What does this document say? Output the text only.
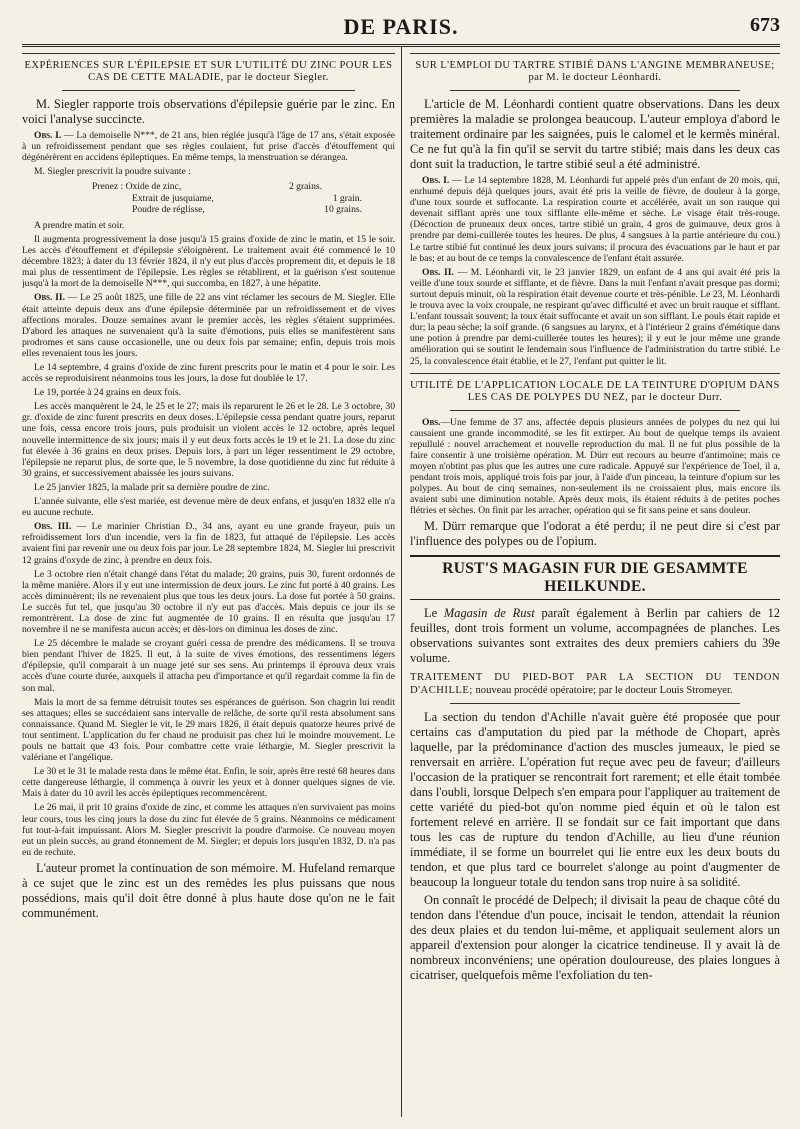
DE PARIS.	673
EXPÉRIENCES SUR L'ÉPILEPSIE ET SUR L'UTILITÉ DU ZINC POUR LES CAS DE CETTE MALADIE, par le docteur Siegler.

M. Siegler rapporte trois observations d'épilepsie guérie par le zinc. En voici l'analyse succincte.

Obs. I. — La demoiselle N***, de 21 ans, bien réglée jusqu'à l'âge de 17 ans, s'était exposée à un refroidissement pendant que ses règles coulaient, fut prise d'accès d'étouffement qui dégénérèrent en accidens épileptiques. En même temps, la menstruation se dérangea.

M. Siegler prescrivit la poudre suivante :

Prenez : Oxide de zinc,	2 grains.
Extrait de jusquiame,	1 grain.
Poudre de réglisse,	10 grains.

A prendre matin et soir.

Il augmenta progressivement la dose jusqu'à 15 grains d'oxide de zinc le matin, et 15 le soir. Les accès d'étouffement et d'épilepsie s'éloignèrent. Le traitement avait été commencé le 10 décembre 1823; à dater du 13 février 1824, il n'y eut plus d'accès proprement dit, et depuis le 18 mai plus de ressentiment de l'épilepsie. Les règles se rétablirent, et la guérison s'est soutenue jusqu'à la mort de la demoiselle N***, qui succomba, en 1827, à une hépatite.

Obs. II. — Le 25 août 1825, une fille de 22 ans vint réclamer les secours de M. Siegler. Elle était atteinte depuis deux ans d'une épilepsie déterminée par un refroidissement et de vives affections morales. Douze semaines avant le premier accès, les règles s'étaient supprimées. D'abord les attaques ne survenaient qu'à la suite d'émotions, puis elles se manifestèrent sans prodromes et sans cause occasionelle, une ou deux fois par semaine; enfin, depuis trois mois elles revenaient tous les jours.

Le 14 septembre, 4 grains d'oxide de zinc furent prescrits pour le matin et 4 pour le soir. Les accès se reproduisirent néanmoins tous les jours, la dose fut doublée le 17.

Le 19, portée à 24 grains en deux fois.

Les accès manquèrent le 24, le 25 et le 27; mais ils reparurent le 26 et le 28. Le 3 octobre, 30 gr. d'oxide de zinc furent prescrits en deux doses. L'épilepsie cessa pendant quatre jours, reparut une fois, cessa encore trois jours, puis produisit un violent accès le 12 octobre, après lequel nouvelle intermittence de six jours; mais il y eut deux forts accès le 19 et le 21. La dose du zinc fut élevée à 36 grains en deux prises. Depuis lors, à part un léger ressentiment le 29 octobre, l'épilepsie ne reparut plus, de sorte que, le 5 novembre, la dose quotidienne du zinc fut réduite à 30 grains, et successivement abaissée les jours suivans.

Le 25 janvier 1825, la malade prit sa dernière poudre de zinc.

L'année suivante, elle s'est mariée, est devenue mère de deux enfans, et jusqu'en 1832 elle n'a eu aucune rechute.

Obs. III. — Le marinier Christian D., 34 ans, ayant eu une grande frayeur, puis un refroidissement lors d'un incendie, vers la fin de 1823, fut attaqué de l'épilepsie. Les accès avaient fini par revenir une ou deux fois par jour. Le 28 septembre 1824, M. Siegler lui prescrivit 12 grains d'oxyde de zinc, à prendre en deux fois.

Le 3 octobre rien n'était changé dans l'état du malade; 20 grains, puis 30, furent ordonnés de la même manière. Alors il y eut une intermission de deux jours. Le zinc fut porté à 40 grains. Les accès diminuèrent; ils ne revenaient plus que tous les deux jours. La dose fut portée à 50 grains. Le succès fut tel, que jusqu'au 30 octobre il n'y eut pas d'accès. Mais depuis ce jour ils se remontrèrent. La dose de zinc fut augmentée de 10 grains. Il en résulta que jusqu'au 17 novembre il ne se manifesta aucun accès; et dès-lors on diminua les doses de zinc.

Le 25 décembre le malade se croyant guéri cessa de prendre des médicamens. Il se trouva bien pendant l'hiver de 1825. Il eut, à la suite de vives émotions, des ressentimens légers d'épilepsie, qu'il comparait à un nuage jeté sur ses sens. Au printemps il éprouva deux vrais accès d'une courte durée, auxquels il attacha peu d'importance et qu'il regardait comme la fin de son mal.

Mais la mort de sa femme détruisit toutes ses espérances de guérison. Son chagrin lui rendit ses attaques; elles se succédaient sans intervalle de relâche, de sorte qu'il resta absolument sans connaissance. Quand M. Siegler le vit, le 29 mars 1826, il était depuis quatorze heures privé de tout sentiment. L'application du fer chaud ne produisit pas chez lui le moindre mouvement. Le pouls ne battait que 43 fois. Pour combattre cette vraie léthargie, M. Siegler prescrivit la valériane et l'angélique.

Le 30 et le 31 le malade resta dans le même état. Enfin, le soir, après être resté 68 heures dans cette dangereuse léthargie, il commença à ouvrir les yeux et à donner quelques signes de vie. Mais à dater du 10 avril les accès épileptiques recommencèrent.

Le 26 mai, il prit 10 grains d'oxide de zinc, et comme les attaques n'en survivaient pas moins leur cours, tous les cinq jours la dose du zinc fut élevée de 5 grains. Néanmoins ce médicament fut tout-à-fait impuissant. Alors M. Siegler prescrivit la poudre d'armoise. Ce nouveau moyen eut un plein succès, au grand étonnement de M. Siegler; et depuis lors jusqu'en 1832, D. n'a pas eu de rechute.

L'auteur promet la continuation de son mémoire. M. Hufeland remarque à ce sujet que le zinc est un des remèdes les plus puissans que nous possédions, mais qu'il doit être donné à plus haute dose qu'on ne le fait communément.

SUR L'EMPLOI DU TARTRE STIBIÉ DANS L'ANGINE MEMBRANEUSE; par M. le docteur Léonhardi.

L'article de M. Léonhardi contient quatre observations. Dans les deux premières la maladie se prolongea beaucoup. L'auteur employa d'abord le traitement ordinaire par les saignées, puis le calomel et le kermès minéral. Ce ne fut qu'à la fin qu'il se servit du tartre stibié; mais dans les deux cas dont suit la traduction, le tartre stibié seul a été administré.

Obs. I. — Le 14 septembre 1828, M. Léonhardi fut appelé près d'un enfant de 20 mois, qui, enrhumé depuis déjà quelques jours, avait été pris la veille de fièvre, de douleur à la gorge, d'une toux sourde et suffocante. La respiration courte et accélérée, avait un son rauque qui devenait sifflant après une toux sifflante elle-même et sèche. Le visage était très-rouge. (Décoction de pruneaux deux onces, tartre stibié un grain, 4 gros de guimauve, deux gros à prendre par demi-cuillerée toutes les heures. De plus, 4 sangsues à la partie antérieure du cou.) Le tartre stibié fut continué les deux jours suivans; il procura des évacuations par le haut et par le bas; et au bout de ce temps la convalescence de l'enfant était assurée.

Obs. II. — M. Léonhardi vit, le 23 janvier 1829, un enfant de 4 ans qui avait été pris la veille d'une toux sourde et sifflante, et de fièvre. Dans la nuit l'enfant n'avait presque pas dormi; surtout depuis minuit, où la respiration était devenue courte et très-pénible. Le 23, M. Léonhardi le trouva avec la voix croupale, ne respirant qu'avec difficulté et avec un bruit rauque et sifflant. L'enfant toussait souvent; la toux était suffocante et avait un son sifflant. Le pouls était rapide et dur; la peau sèche; la soif grande. (6 sangsues au larynx, et à l'intérieur 2 grains d'émétique dans une potion à prendre par demi-cuillerée toutes les heures); il y eut le jour même une grande amélioration qui se soutint le lendemain sous l'influence de l'administration du tartre stibié. Le 25, la convalescence était établie, et le 27, l'enfant put quitter le lit.

UTILITÉ DE L'APPLICATION LOCALE DE LA TEINTURE D'OPIUM DANS LES CAS DE POLYPES DU NEZ, par le docteur Durr.

Obs.—Une femme de 37 ans, affectée depuis plusieurs années de polypes du nez qui lui causaient une grande incommodité, se les fit extirper. Au bout de quelque temps ils avaient repullulé : nouvel arrachement et nouvelle reproduction du mal. Il ne fut plus possible de la faire consentir à une troisième opération. M. Dürr eut recours au beurre d'antimoine; mais ce moyen n'obtint pas plus que les autres une cure radicale. Appuyé sur l'expérience de Toel, il a, pendant trois mois, appliqué trois fois par jour, à l'aide d'un pinceau, la teinture d'opium sur les polypes. Au bout de cinq semaines, non-seulement ils ne croissaient plus, mais encore ils avaient subi une diminution notable. Après deux mois, ils étaient réduits à de petites poches flétries et sèches. On finit par les arracher, opération qui se fit sans peine et sans douleur.

M. Dürr remarque que l'odorat a été perdu; il ne peut dire si c'est par l'influence des polypes ou de l'opium.

RUST'S MAGASIN FUR DIE GESAMMTE HEILKUNDE.

Le Magasin de Rust paraît également à Berlin par cahiers de 12 feuilles, dont trois forment un volume, accompagnées de planches. Les observations suivantes sont extraites des deux premiers cahiers du 39e volume.

TRAITEMENT DU PIED-BOT PAR LA SECTION DU TENDON D'ACHILLE; nouveau procédé opératoire; par le docteur Louis Stromeyer.

La section du tendon d'Achille n'avait guère été proposée que pour certains cas d'amputation du pied par la méthode de Chopart, après laquelle, par la prédominance d'action des muscles jumeaux, le pied se renversait en arrière. L'opération fut reçue avec peu de faveur; d'ailleurs l'occasion de la pratiquer se rencontrait fort rarement; et elle était tombée dans l'oubli, lorsque Delpech s'en empara pour l'appliquer au traitement de cette variété du pied-bot qu'on nomme pied équin et où le talon est fortement relevé en arrière. Il se fondait sur ce fait important que dans tous les cas de rupture du tendon d'Achille, au lieu d'une réunion immédiate, il se forme un bourrelet qui lie entre eux les deux bouts du tendon, et que plus tard ce bourrelet s'alonge au point d'augmenter de beaucoup la longueur totale du tendon sans trop nuire à sa solidité.

On connaît le procédé de Delpech; il divisait la peau de chaque côté du tendon dans l'étendue d'un pouce, incisait le tendon, attendait la réunion des deux plaies et du tendon lui-même, et appliquait seulement alors un appareil d'extension pour alonger la cicatrice tendineuse. Il y avait là de nombreux inconvéniens; une opération douloureuse, des plaies longues à cicatriser, quelquefois même l'exfoliation du ten-
